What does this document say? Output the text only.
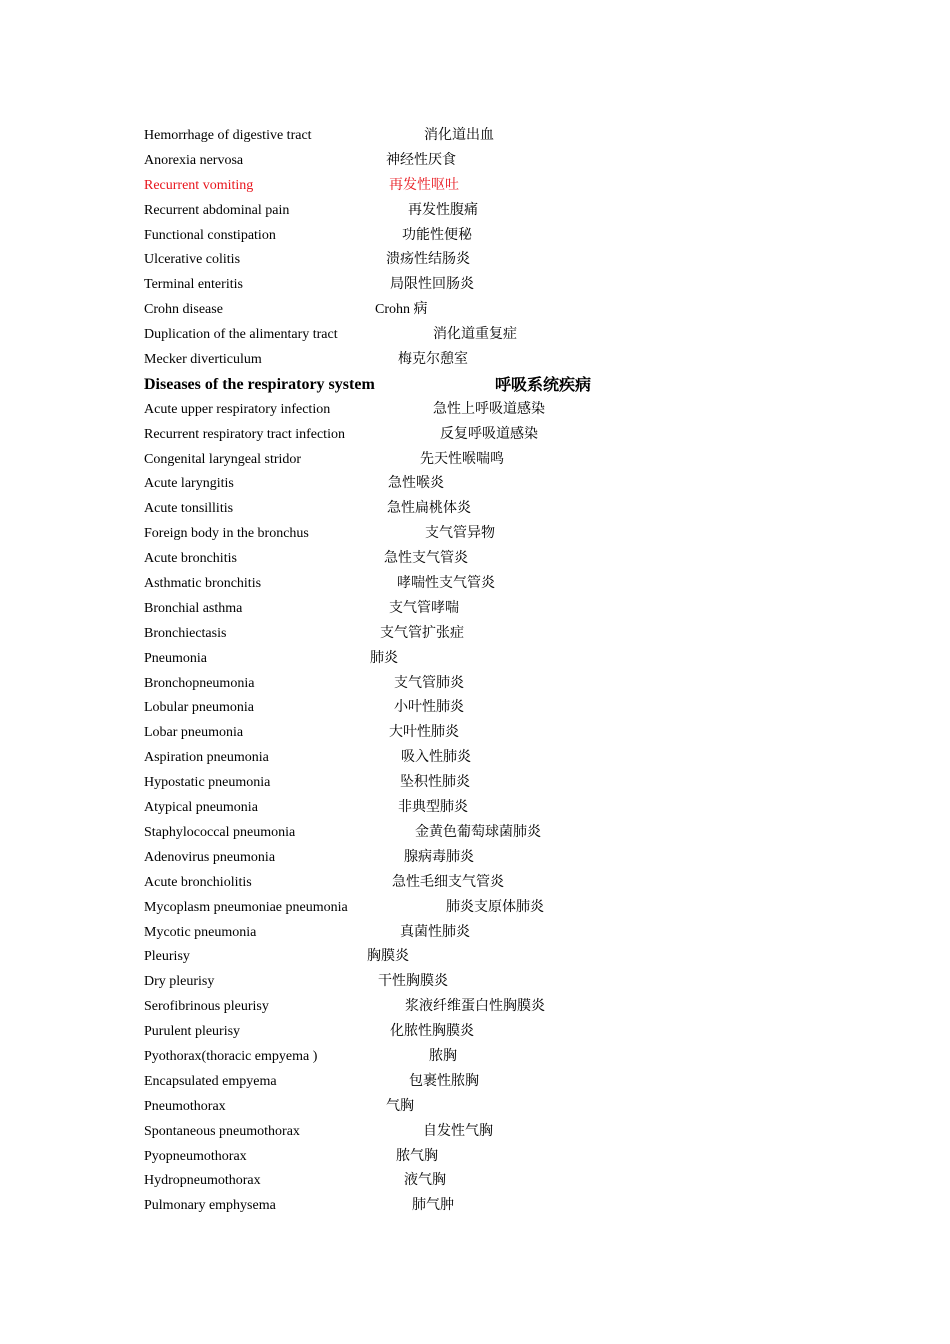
Hemorrhage of digestive tract	消化道出血
Anorexia nervosa	神经性厌食
Recurrent vomiting	再发性呕吐
Recurrent abdominal pain	再发性腹痛
Functional constipation	功能性便秘
Ulcerative colitis	溃疡性结肠炎
Terminal enteritis	局限性回肠炎
Crohn disease	Crohn 病
Duplication of the alimentary tract	消化道重复症
Mecker diverticulum	梅克尔憩室
Diseases of the respiratory system	呼吸系统疾病
Acute upper respiratory infection	急性上呼吸道感染
Recurrent respiratory tract infection	反复呼吸道感染
Congenital laryngeal stridor	先天性喉喘鸣
Acute laryngitis	急性喉炎
Acute tonsillitis	急性扁桃体炎
Foreign body in the bronchus	支气管异物
Acute bronchitis	急性支气管炎
Asthmatic bronchitis	哮喘性支气管炎
Bronchial asthma	支气管哮喘
Bronchiectasis	支气管扩张症
Pneumonia	肺炎
Bronchopneumonia	支气管肺炎
Lobular pneumonia	小叶性肺炎
Lobar pneumonia	大叶性肺炎
Aspiration pneumonia	吸入性肺炎
Hypostatic pneumonia	坠积性肺炎
Atypical pneumonia	非典型肺炎
Staphylococcal pneumonia	金黄色葡萄球菌肺炎
Adenovirus pneumonia	腺病毒肺炎
Acute bronchiolitis	急性毛细支气管炎
Mycoplasm pneumoniae pneumonia	肺炎支原体肺炎
Mycotic pneumonia	真菌性肺炎
Pleurisy	胸膜炎
Dry pleurisy	干性胸膜炎
Serofibrinous pleurisy	浆液纤维蛋白性胸膜炎
Purulent pleurisy	化脓性胸膜炎
Pyothorax(thoracic empyema )	脓胸
Encapsulated empyema	包裹性脓胸
Pneumothorax	气胸
Spontaneous pneumothorax	自发性气胸
Pyopneumothorax	脓气胸
Hydropneumothorax	液气胸
Pulmonary emphysema	肺气肿
